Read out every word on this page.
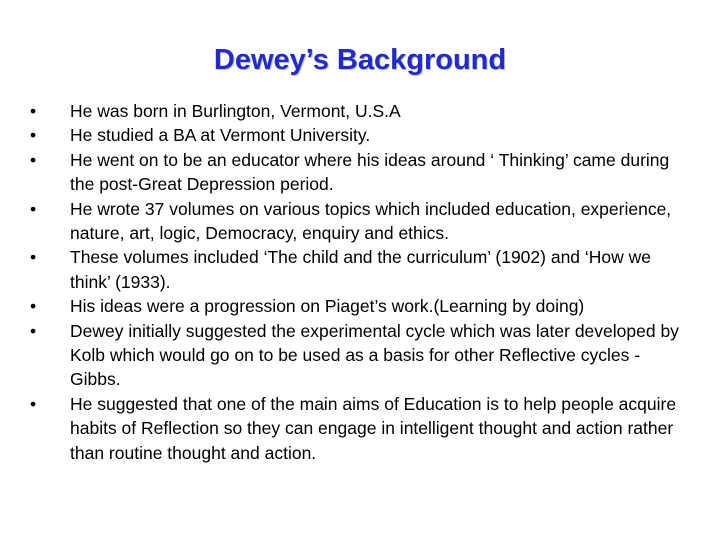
Dewey’s Background
•	He was born in Burlington, Vermont, U.S.A
•	He studied a BA at Vermont University.
•	He went on to be an educator where his ideas around ‘ Thinking’ came during the post-Great Depression period.
•	He wrote 37 volumes on various topics which included education, experience, nature, art, logic, Democracy, enquiry and ethics.
•	These volumes included ‘The child and the curriculum’ (1902) and ‘How we think’ (1933).
•	His ideas were a progression on Piaget’s work.(Learning by doing)
•	Dewey initially suggested the experimental cycle which was later developed by Kolb which would go on to be used as a basis for other Reflective cycles - Gibbs.
•	He suggested that one of the main aims of Education is to help people acquire habits of Reflection so they can engage in intelligent thought and action rather than routine thought and action.
